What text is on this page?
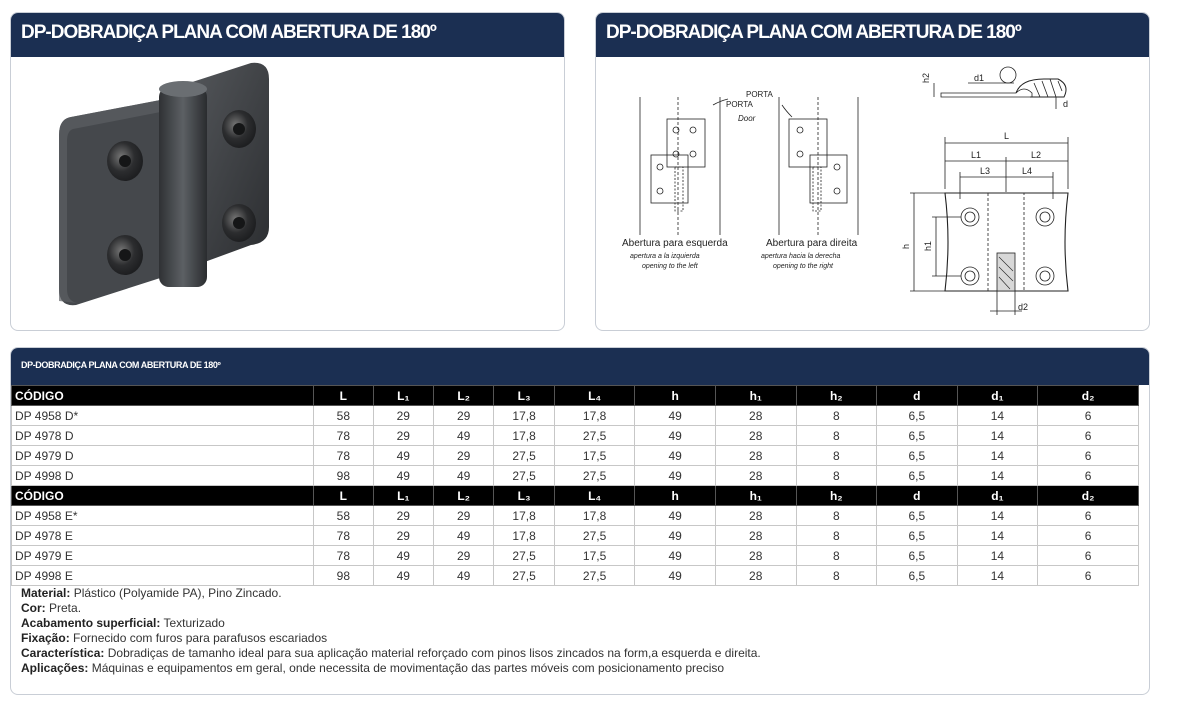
DP-DOBRADIÇA PLANA COM ABERTURA DE 180º	DP-DOBRADIÇA PLANA COM ABERTURA DE 180º
PORTA
PORTA
Door
Abertura para esquerda
apertura a la izquierda
opening to the left
Abertura para direita
apertura hacia la derecha
opening to the right
h2	d1
d
L
L1	L2
L3	L4
h h1
d2
DP-DOBRADIÇA PLANA COM ABERTURA DE 180º
CÓDIGO	L	L₁	L₂	L₃	L₄	h	h₁	h₂	d	d₁	d₂
DP 4958 D*	58	29	29	17,8	17,8	49	28	8	6,5	14	6
DP 4978 D	78	29	49	17,8	27,5	49	28	8	6,5	14	6
DP 4979 D	78	49	29	27,5	17,5	49	28	8	6,5	14	6
DP 4998 D	98	49	49	27,5	27,5	49	28	8	6,5	14	6
CÓDIGO	L	L₁	L₂	L₃	L₄	h	h₁	h₂	d	d₁	d₂
DP 4958 E*	58	29	29	17,8	17,8	49	28	8	6,5	14	6
DP 4978 E	78	29	49	17,8	27,5	49	28	8	6,5	14	6
DP 4979 E	78	49	29	27,5	17,5	49	28	8	6,5	14	6
DP 4998 E	98	49	49	27,5	27,5	49	28	8	6,5	14	6
Material: Plástico (Polyamide PA), Pino Zincado.
Cor: Preta.
Acabamento superficial: Texturizado
Fixação: Fornecido com furos para parafusos escariados
Característica: Dobradiças de tamanho ideal para sua aplicação material reforçado com pinos lisos zincados na form,a esquerda e direita.
Aplicações: Máquinas e equipamentos em geral, onde necessita de movimentação das partes móveis com posicionamento preciso
